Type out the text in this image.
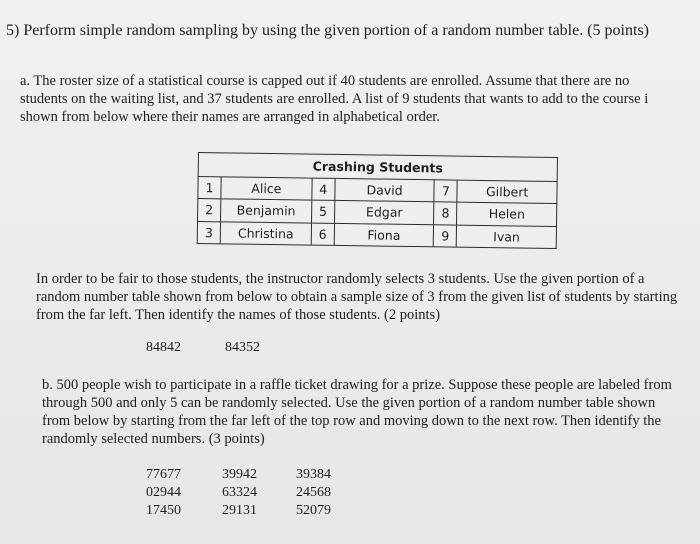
5) Perform simple random sampling by using the given portion of a random number table. (5 points)
a. The roster size of a statistical course is capped out if 40 students are enrolled. Assume that there are no
students on the waiting list, and 37 students are enrolled. A list of 9 students that wants to add to the course i
shown from below where their names are arranged in alphabetical order.
Crashing Students					
1	Alice	4	David	7	Gilbert
2	Benjamin	5	Edgar	8	Helen
3	Christina	6	Fiona	9	Ivan
In order to be fair to those students, the instructor randomly selects 3 students. Use the given portion of a
random number table shown from below to obtain a sample size of 3 from the given list of students by starting
from the far left. Then identify the names of those students. (2 points)
84842	84352
b. 500 people wish to participate in a raffle ticket drawing for a prize. Suppose these people are labeled from
through 500 and only 5 can be randomly selected. Use the given portion of a random number table shown
from below by starting from the far left of the top row and moving down to the next row. Then identify the
randomly selected numbers. (3 points)
77677	39942	39384
02944	63324	24568
17450	29131	52079
